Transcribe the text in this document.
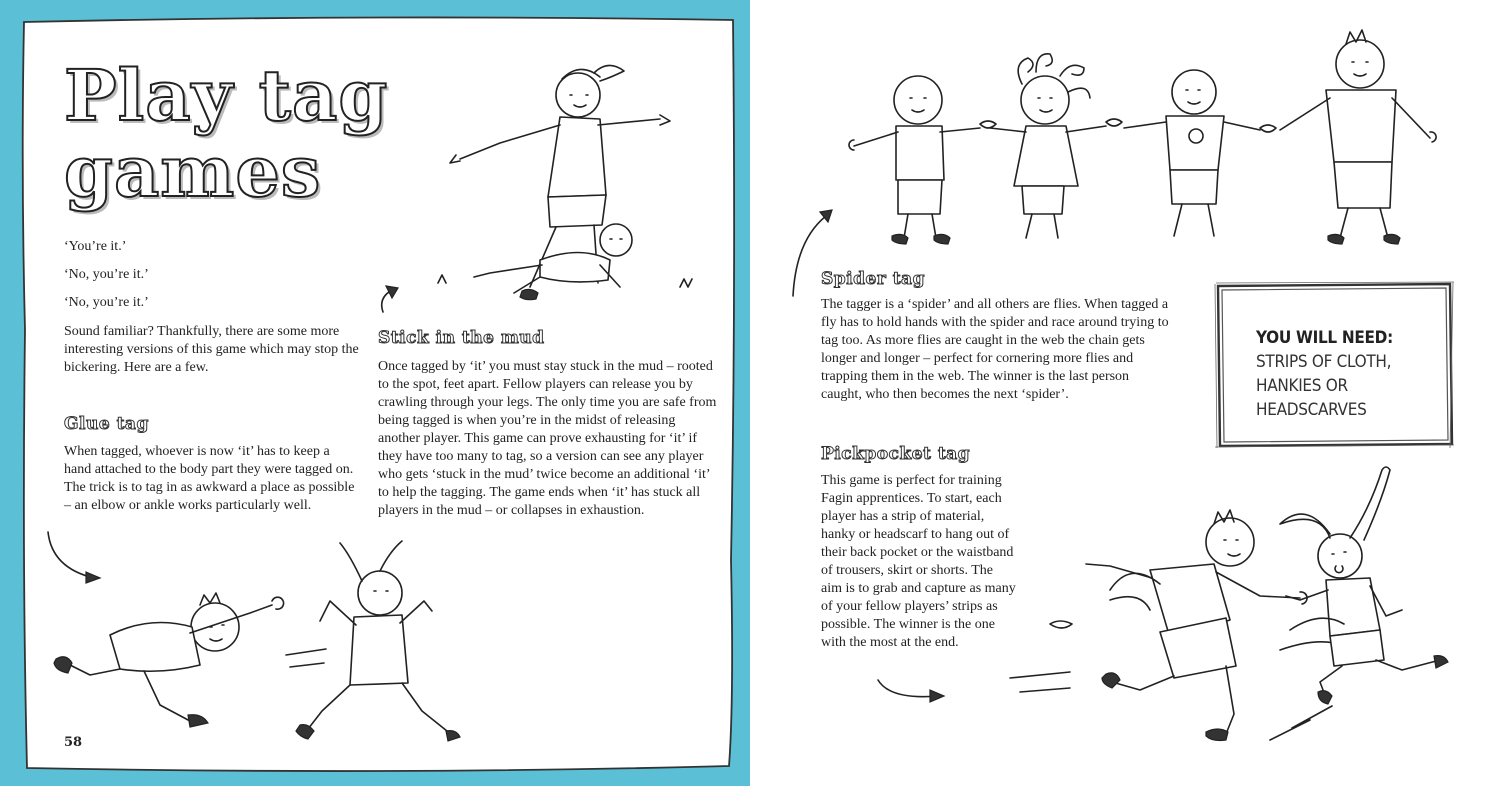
Play tag
games

‘You’re it.’

‘No, you’re it.’

‘No, you’re it.’

Sound familiar? Thankfully, there are some more interesting versions of this game which may stop the bickering. Here are a few.

Glue tag

When tagged, whoever is now ‘it’ has to keep a hand attached to the body part they were tagged on. The trick is to tag in as awkward a place as possible – an elbow or ankle works particularly well.

Stick in the mud

Once tagged by ‘it’ you must stay stuck in the mud – rooted to the spot, feet apart. Fellow players can release you by crawling through your legs. The only time you are safe from being tagged is when you’re in the midst of releasing another player. This game can prove exhausting for ‘it’ if they have too many to tag, so a version can see any player who gets ‘stuck in the mud’ twice become an additional ‘it’ to help the tagging. The game ends when ‘it’ has stuck all players in the mud – or collapses in exhaustion.

58
Spider tag

The tagger is a ‘spider’ and all others are flies. When tagged a fly has to hold hands with the spider and race around trying to tag too. As more flies are caught in the web the chain gets longer and longer – perfect for cornering more flies and trapping them in the web. The winner is the last person caught, who then becomes the next ‘spider’.

YOU WILL NEED: STRIPS OF CLOTH, HANKIES OR HEADSCARVES
Pickpocket tag

This game is perfect for training Fagin apprentices. To start, each player has a strip of material, hanky or headscarf to hang out of their back pocket or the waistband of trousers, skirt or shorts. The aim is to grab and capture as many of your fellow players’ strips as possible. The winner is the one with the most at the end.
